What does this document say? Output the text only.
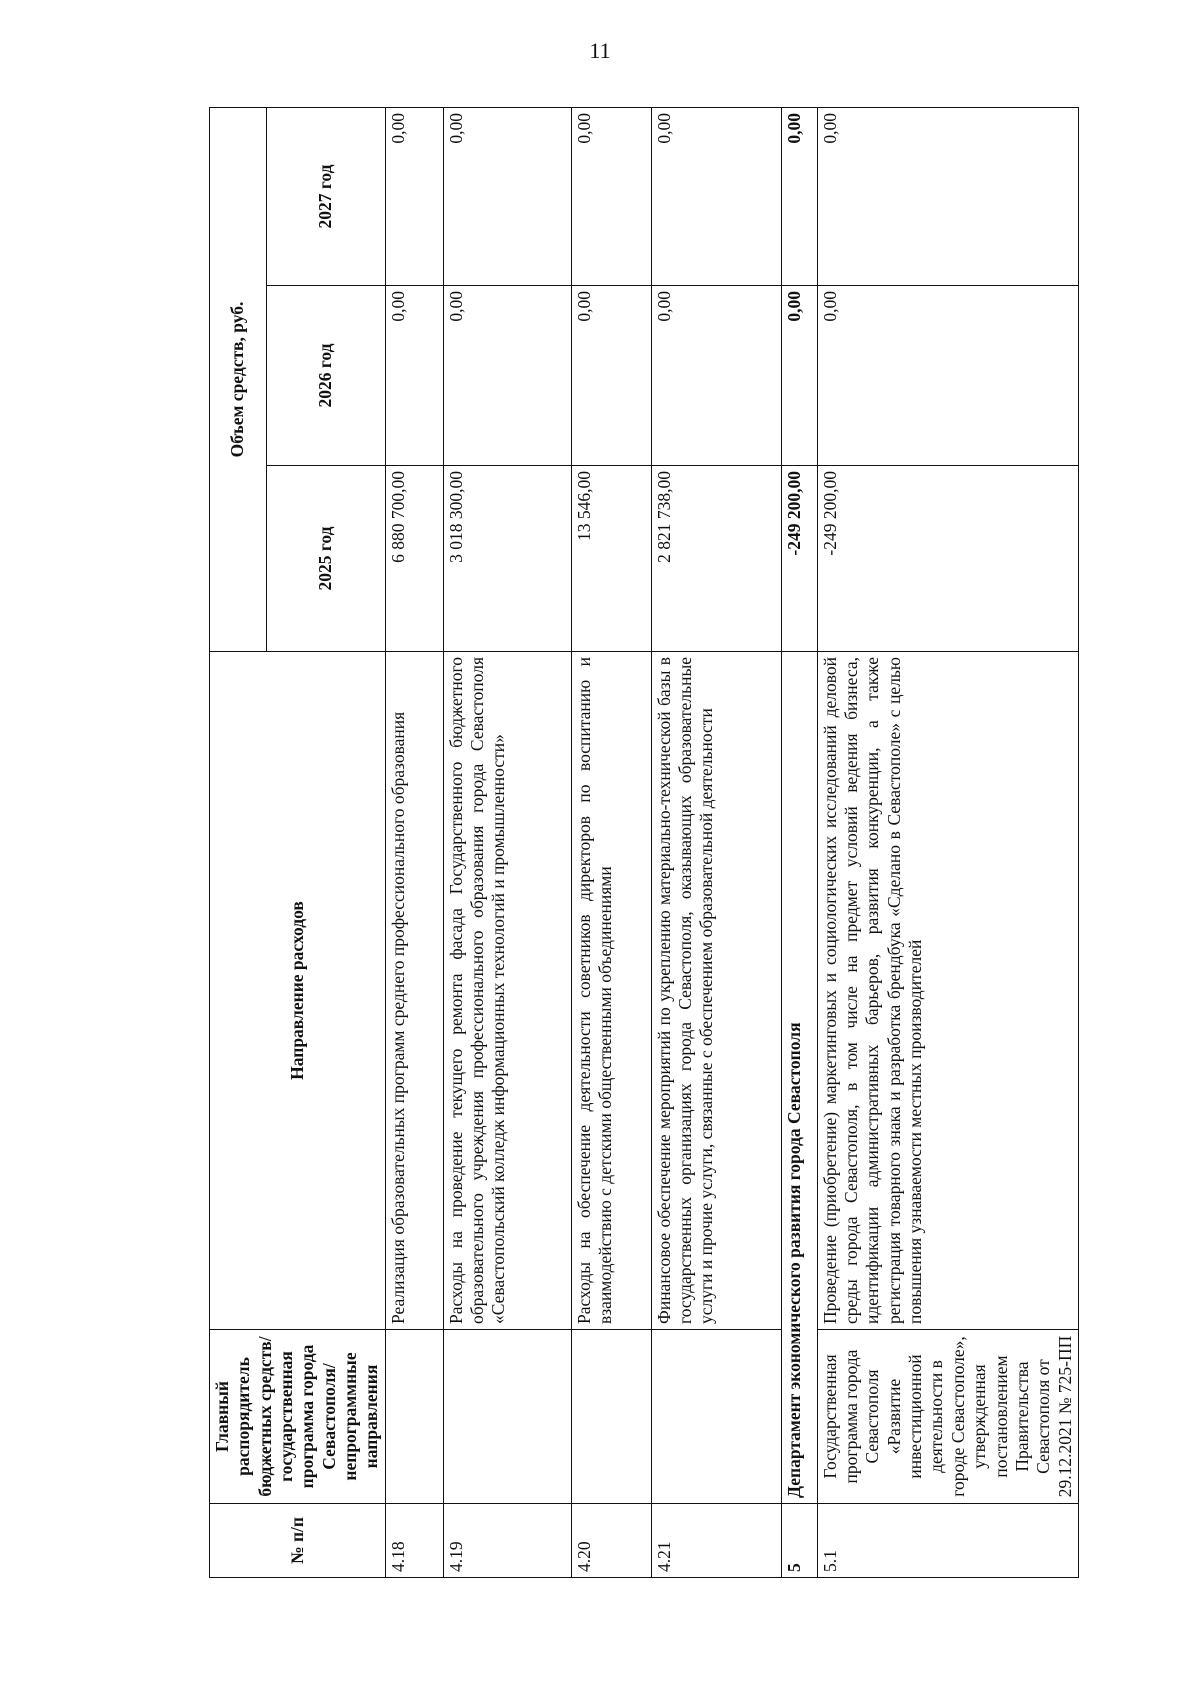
11
№ п/п	Главный распорядитель бюджетных средств/государственная программа города Севастополя/непрограммные направления	Направление расходов	Объем средств, руб.		
			2025 год	2026 год	2027 год
4.18		Реализация образовательных программ среднего профессионального образования	6 880 700,00	0,00	0,00
4.19		Расходы на проведение текущего ремонта фасада Государственного бюджетного образовательного учреждения профессионального образования города Севастополя «Севастопольский колледж информационных технологий и промышленности»	3 018 300,00	0,00	0,00
4.20		Расходы на обеспечение деятельности советников директоров по воспитанию и взаимодействию с детскими общественными объединениями	13 546,00	0,00	0,00
4.21		Финансовое обеспечение мероприятий по укреплению материально-технической базы в государственных организациях города Севастополя, оказывающих образовательные услуги и прочие услуги, связанные с обеспечением образовательной деятельности	2 821 738,00	0,00	0,00
5	Департамент экономического развития города Севастополя		-249 200,00	0,00	0,00
5.1	Государственная программа города Севастополя «Развитие инвестиционной деятельности в городе Севастополе», утвержденная постановлением Правительства Севастополя от 29.12.2021 № 725-ПП	Проведение (приобретение) маркетинговых и социологических исследований деловой среды города Севастополя, в том числе на предмет условий ведения бизнеса, идентификации административных барьеров, развития конкуренции, а также регистрация товарного знака и разработка брендбука «Сделано в Севастополе» с целью повышения узнаваемости местных производителей	-249 200,00	0,00	0,00
